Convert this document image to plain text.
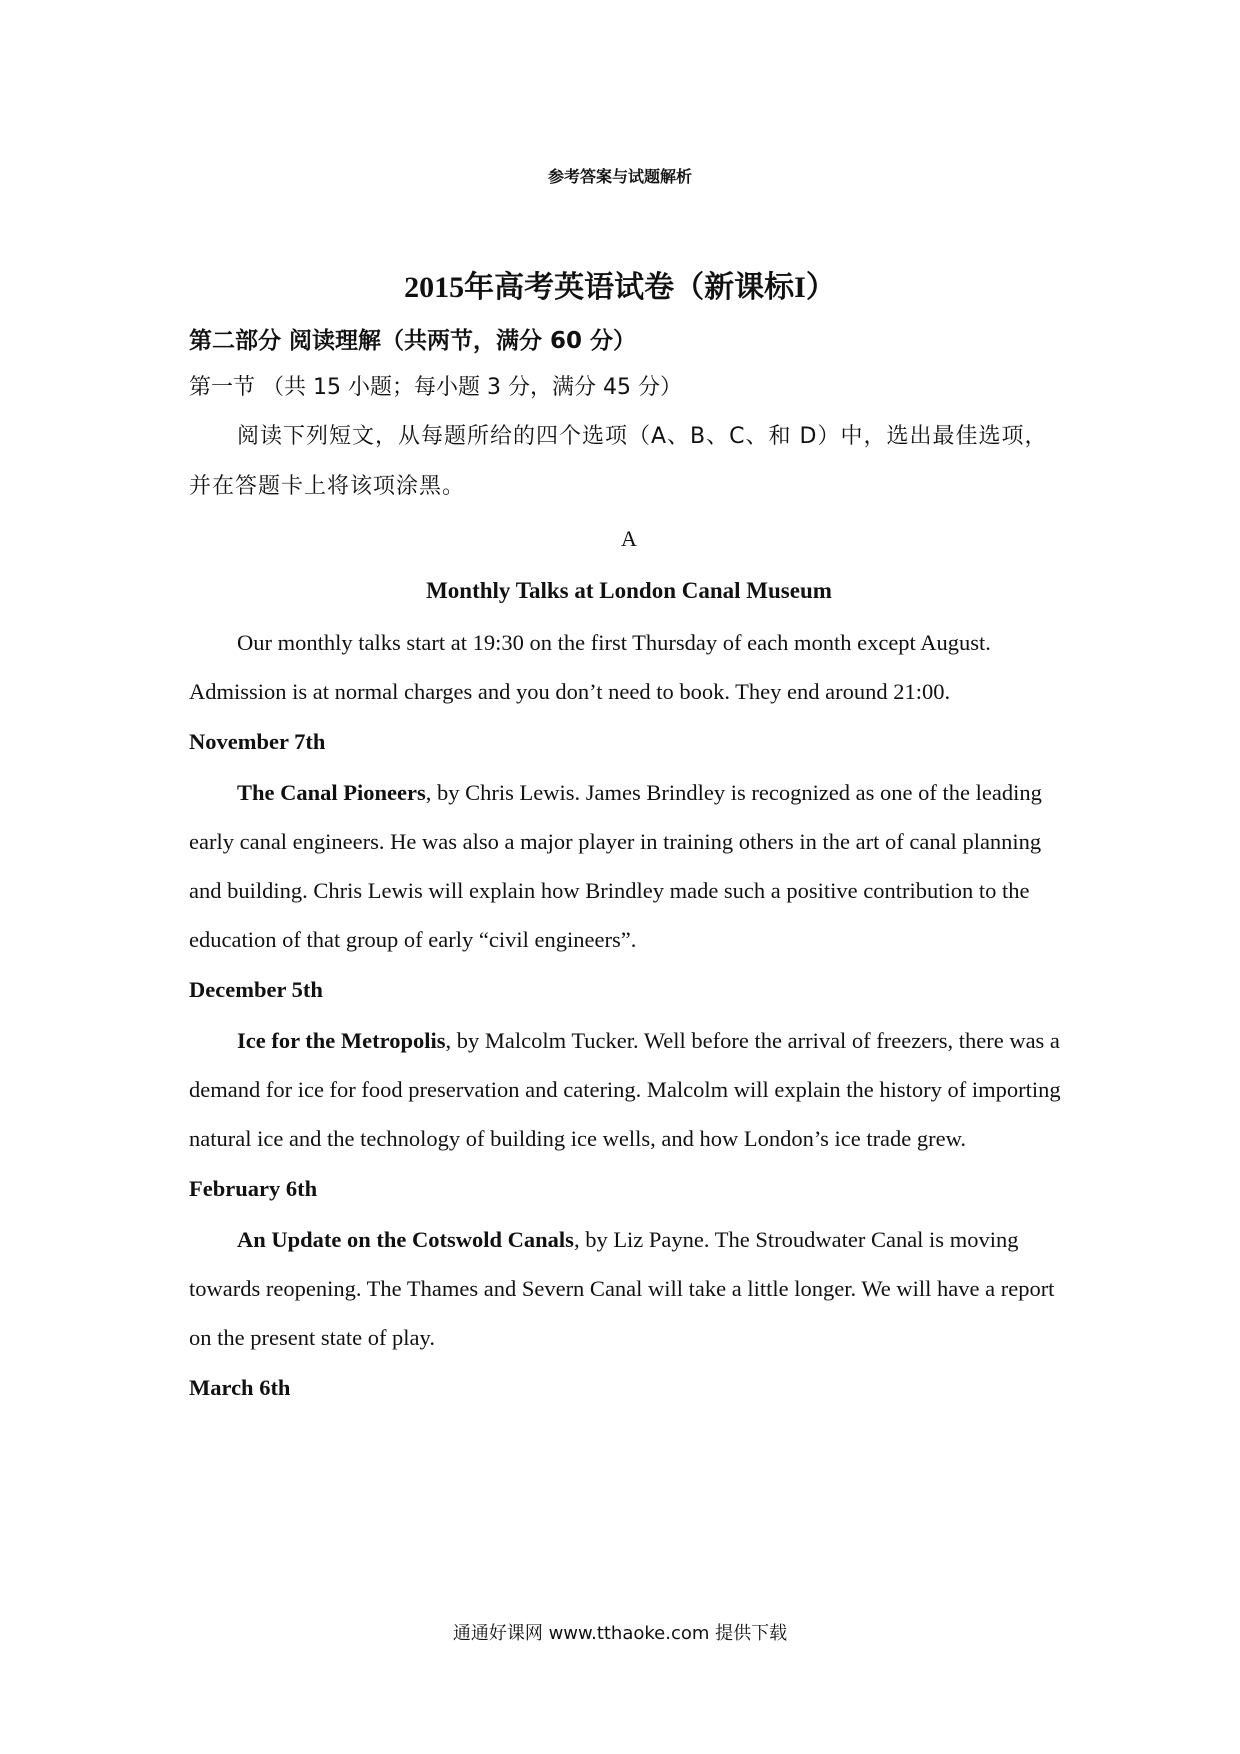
参考答案与试题解析
2015年高考英语试卷（新课标I）

第二部分 阅读理解（共两节，满分 60 分）

第一节 （共 15 小题；每小题 3 分，满分 45 分）

阅读下列短文，从每题所给的四个选项（A、B、C、和 D）中，选出最佳选项，并在答题卡上将该项涂黑。

A

Monthly Talks at London Canal Museum

Our monthly talks start at 19:30 on the first Thursday of each month except August. Admission is at normal charges and you don’t need to book. They end around 21:00.

November 7th

The Canal Pioneers, by Chris Lewis. James Brindley is recognized as one of the leading early canal engineers. He was also a major player in training others in the art of canal planning and building. Chris Lewis will explain how Brindley made such a positive contribution to the education of that group of early “civil engineers”.

December 5th

Ice for the Metropolis, by Malcolm Tucker. Well before the arrival of freezers, there was a demand for ice for food preservation and catering. Malcolm will explain the history of importing natural ice and the technology of building ice wells, and how London’s ice trade grew.

February 6th

An Update on the Cotswold Canals, by Liz Payne. The Stroudwater Canal is moving towards reopening. The Thames and Severn Canal will take a little longer. We will have a report on the present state of play.

March 6th

通通好课网 www.tthaoke.com 提供下载
